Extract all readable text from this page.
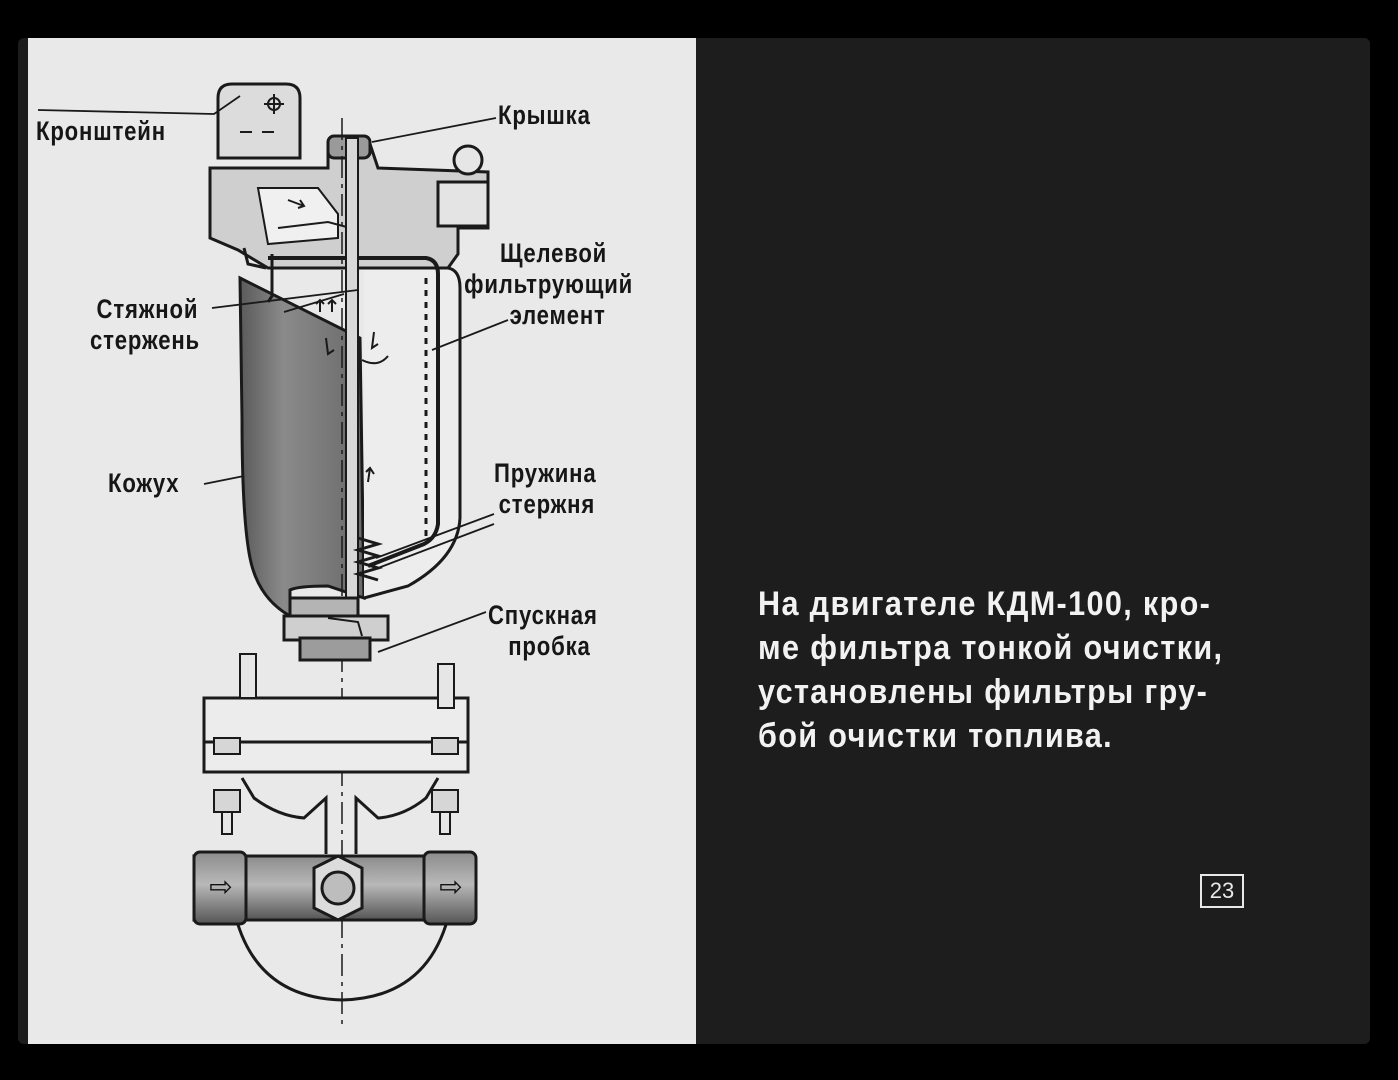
Кронштейн
Крышка
Щелевой
фильтрующий
элемент
Стяжной
стержень
Кожух	Пружина
стержня
Спускная
пробка
⇨	⇨
На двигателе КДМ-100, кро-
ме фильтра тонкой очистки,
установлены фильтры гру-
бой очистки топлива.
23
